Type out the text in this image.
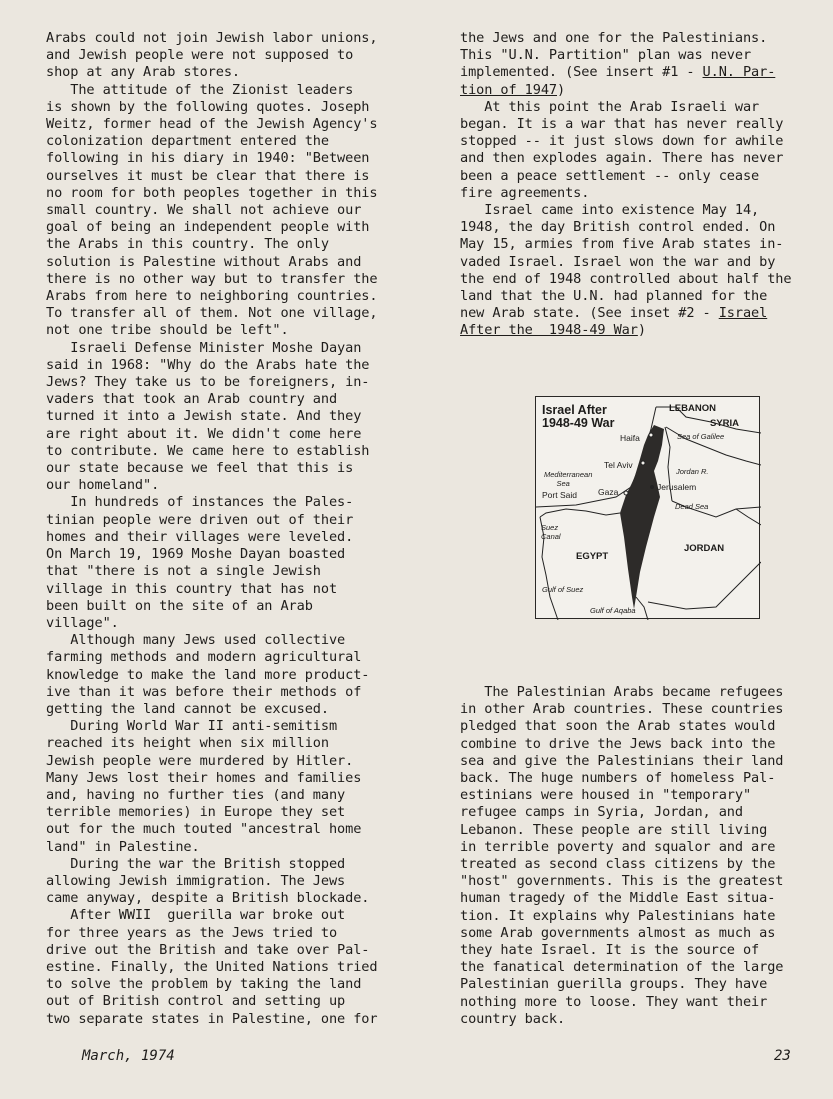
Arabs could not join Jewish labor unions,

and Jewish people were not supposed to

shop at any Arab stores.

The attitude of the Zionist leaders

is shown by the following quotes. Joseph

Weitz, former head of the Jewish Agency's

colonization department entered the

following in his diary in 1940: "Between

ourselves it must be clear that there is

no room for both peoples together in this

small country. We shall not achieve our

goal of being an independent people with

the Arabs in this country. The only

solution is Palestine without Arabs and

there is no other way but to transfer the

Arabs from here to neighboring countries.

To transfer all of them. Not one village,

not one tribe should be left".

Israeli Defense Minister Moshe Dayan

said in 1968: "Why do the Arabs hate the

Jews? They take us to be foreigners, in-

vaders that took an Arab country and

turned it into a Jewish state. And they

are right about it. We didn't come here

to contribute. We came here to establish

our state because we feel that this is

our homeland".

In hundreds of instances the Pales-

tinian people were driven out of their

homes and their villages were leveled.

On March 19, 1969 Moshe Dayan boasted

that "there is not a single Jewish

village in this country that has not

been built on the site of an Arab

village".

Although many Jews used collective

farming methods and modern agricultural

knowledge to make the land more product-

ive than it was before their methods of

getting the land cannot be excused.

During World War II anti-semitism

reached its height when six million

Jewish people were murdered by Hitler.

Many Jews lost their homes and families

and, having no further ties (and many

terrible memories) in Europe they set

out for the much touted "ancestral home

land" in Palestine.

During the war the British stopped

allowing Jewish immigration. The Jews

came anyway, despite a British blockade.

After WWII  guerilla war broke out

for three years as the Jews tried to

drive out the British and take over Pal-

estine. Finally, the United Nations tried

to solve the problem by taking the land

out of British control and setting up

two separate states in Palestine, one for

the Jews and one for the Palestinians.

This "U.N. Partition" plan was never

implemented. (See insert #1 - U.N. Par-

tion of 1947)

At this point the Arab Israeli war

began. It is a war that has never really

stopped -- it just slows down for awhile

and then explodes again. There has never

been a peace settlement -- only cease

fire agreements.

Israel came into existence May 14,

1948, the day British control ended. On

May 15, armies from five Arab states in-

vaded Israel. Israel won the war and by

the end of 1948 controlled about half the

land that the U.N. had planned for the

new Arab state. (See inset #2 - Israel

After the  1948-49 War)

Israel After
1948-49 War
LEBANON
SYRIA
Haifa	Sea of Galilee
Tel Aviv
Mediterranean
Sea
Jordan R.
Jerusalem
Port Said Gaza
Dead Sea
Suez
Canal
EGYPT
JORDAN
Gulf of Suez
Gulf of Aqaba

The Palestinian Arabs became refugees

in other Arab countries. These countries

pledged that soon the Arab states would

combine to drive the Jews back into the

sea and give the Palestinians their land

back. The huge numbers of homeless Pal-

estinians were housed in "temporary"

refugee camps in Syria, Jordan, and

Lebanon. These people are still living

in terrible poverty and squalor and are

treated as second class citizens by the

"host" governments. This is the greatest

human tragedy of the Middle East situa-

tion. It explains why Palestinians hate

some Arab governments almost as much as

they hate Israel. It is the source of

the fanatical determination of the large

Palestinian guerilla groups. They have

nothing more to loose. They want their

country back.

March, 1974	23
